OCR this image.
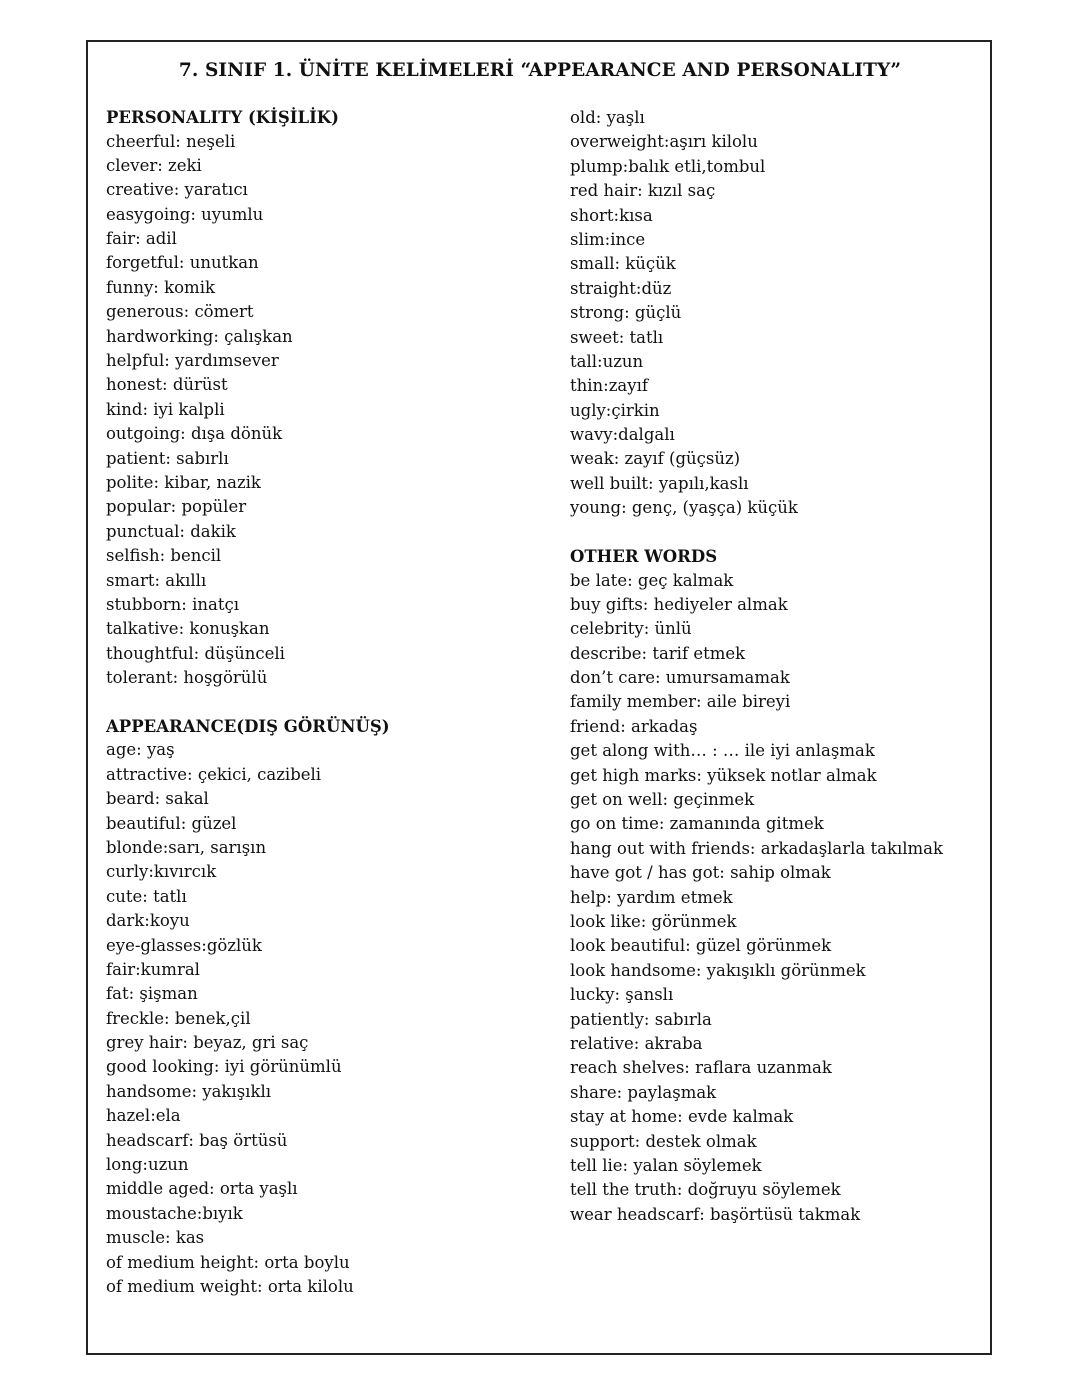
7. SINIF 1. ÜNİTE KELİMELERİ “APPEARANCE AND PERSONALITY”
PERSONALITY (KİŞİLİK)
cheerful: neşeli
clever: zeki
creative: yaratıcı
easygoing: uyumlu
fair: adil
forgetful: unutkan
funny: komik
generous: cömert
hardworking: çalışkan
helpful: yardımsever
honest: dürüst
kind: iyi kalpli
outgoing: dışa dönük
patient: sabırlı
polite: kibar, nazik
popular: popüler
punctual: dakik
selfish: bencil
smart: akıllı
stubborn: inatçı
talkative: konuşkan
thoughtful: düşünceli
tolerant: hoşgörülü
APPEARANCE(DIŞ GÖRÜNÜŞ)
age: yaş
attractive: çekici, cazibeli
beard: sakal
beautiful: güzel
blonde:sarı, sarışın
curly:kıvırcık
cute: tatlı
dark:koyu
eye-glasses:gözlük
fair:kumral
fat: şişman
freckle: benek,çil
grey hair: beyaz, gri saç
good looking: iyi görünümlü
handsome: yakışıklı
hazel:ela
headscarf: baş örtüsü
long:uzun
middle aged: orta yaşlı
moustache:bıyık
muscle: kas
of medium height: orta boylu
of medium weight: orta kilolu
old: yaşlı
overweight:aşırı kilolu
plump:balık etli,tombul
red hair: kızıl saç
short:kısa
slim:ince
small: küçük
straight:düz
strong: güçlü
sweet: tatlı
tall:uzun
thin:zayıf
ugly:çirkin
wavy:dalgalı
weak: zayıf (güçsüz)
well built: yapılı,kaslı
young: genç, (yaşça) küçük
OTHER WORDS
be late: geç kalmak
buy gifts: hediyeler almak
celebrity: ünlü
describe: tarif etmek
don’t care: umursamamak
family member: aile bireyi
friend: arkadaş
get along with… : … ile iyi anlaşmak
get high marks: yüksek notlar almak
get on well: geçinmek
go on time: zamanında gitmek
hang out with friends: arkadaşlarla takılmak
have got / has got: sahip olmak
help: yardım etmek
look like: görünmek
look beautiful: güzel görünmek
look handsome: yakışıklı görünmek
lucky: şanslı
patiently: sabırla
relative: akraba
reach shelves: raflara uzanmak
share: paylaşmak
stay at home: evde kalmak
support: destek olmak
tell lie: yalan söylemek
tell the truth: doğruyu söylemek
wear headscarf: başörtüsü takmak
